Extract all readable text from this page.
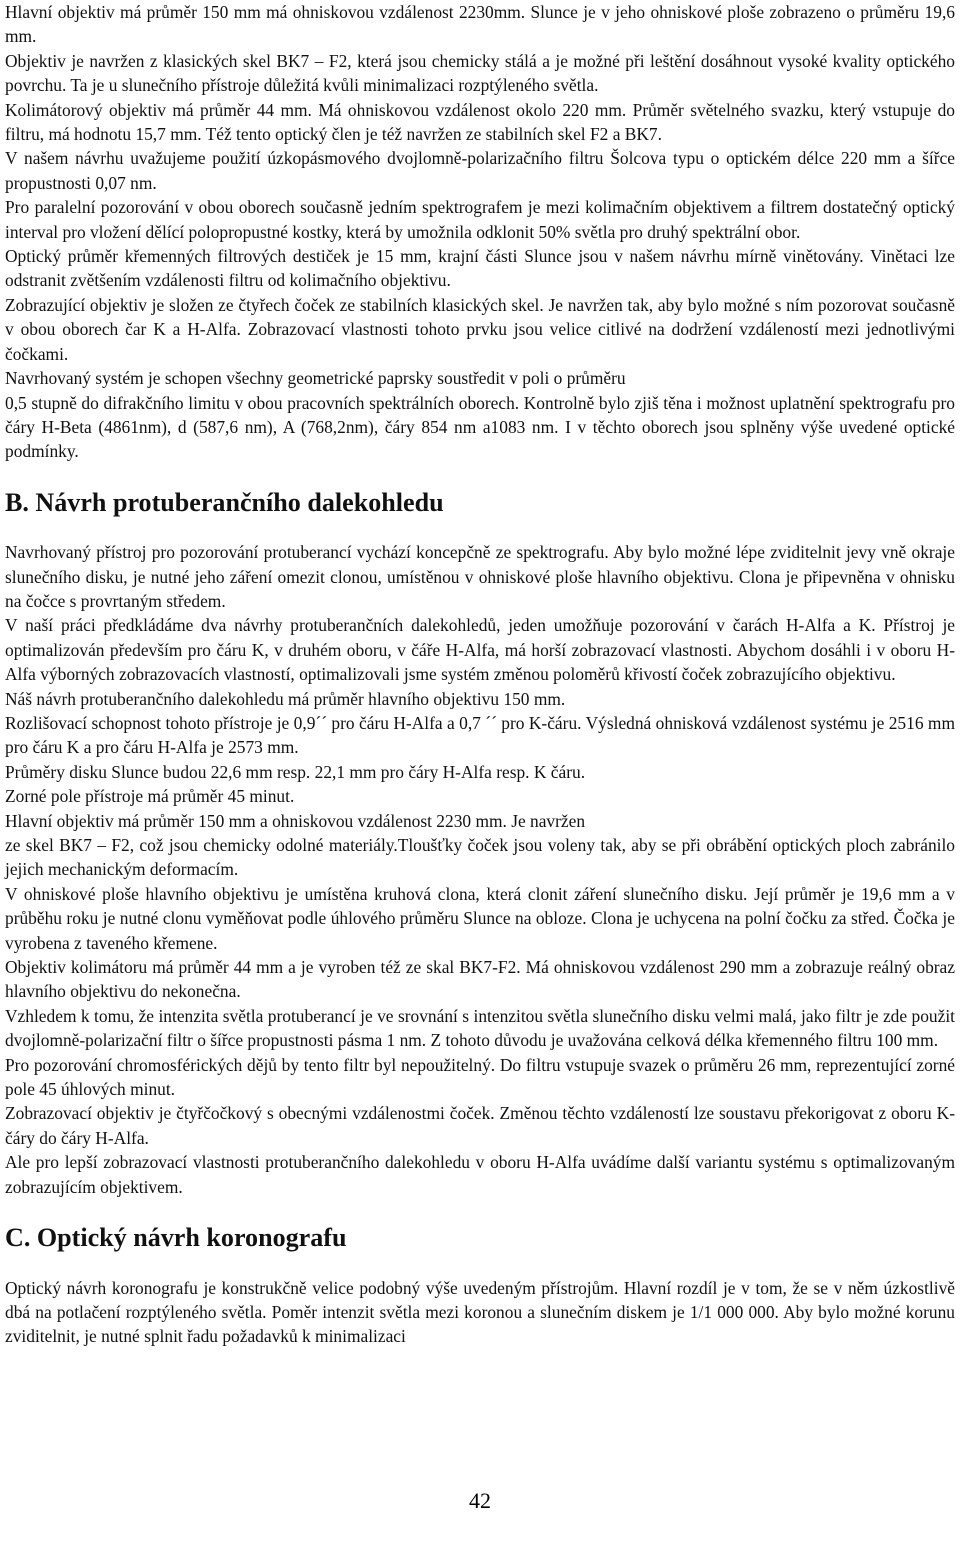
Hlavní objektiv má průměr 150 mm má ohniskovou vzdálenost 2230mm. Slunce je v jeho ohniskové ploše zobrazeno o průměru 19,6 mm.

Objektiv je navržen z klasických skel BK7 – F2, která jsou chemicky stálá a je možné při leštění dosáhnout vysoké kvality optického povrchu. Ta je u slunečního přístroje důležitá kvůli minimalizaci rozptýleného světla.

Kolimátorový objektiv má průměr 44 mm. Má ohniskovou vzdálenost okolo 220 mm. Průměr světelného svazku, který vstupuje do filtru, má hodnotu 15,7 mm. Též tento optický člen je též navržen ze stabilních skel F2 a BK7.

V našem návrhu uvažujeme použití úzkopásmového dvojlomně-polarizačního filtru Šolcova typu o optickém délce 220 mm a šířce propustnosti 0,07 nm.

Pro paralelní pozorování v obou oborech současně jedním spektrografem je mezi kolimačním objektivem a filtrem dostatečný optický interval pro vložení dělící polopropustné kostky, která by umožnila odklonit 50% světla pro druhý spektrální obor.

Optický průměr křemenných filtrových destiček je 15 mm, krajní části Slunce jsou v našem návrhu mírně vinětovány. Vinětaci lze odstranit zvětšením vzdálenosti filtru od kolimačního objektivu.

Zobrazující objektiv je složen ze čtyřech čoček ze stabilních klasických skel. Je navržen tak, aby bylo možné s ním pozorovat současně v obou oborech čar K a H-Alfa. Zobrazovací vlastnosti tohoto prvku jsou velice citlivé na dodržení vzdáleností mezi jednotlivými čočkami.

Navrhovaný systém je schopen všechny geometrické paprsky soustředit v poli o průměru

0,5 stupně do difrakčního limitu v obou pracovních spektrálních oborech. Kontrolně bylo zjiš těna i možnost uplatnění spektrografu pro čáry H-Beta (4861nm), d (587,6 nm), A (768,2nm), čáry 854 nm a1083 nm. I v těchto oborech jsou splněny výše uvedené optické podmínky.

B. Návrh protuberančního dalekohledu

Navrhovaný přístroj pro pozorování protuberancí vychází koncepčně ze spektrografu. Aby bylo možné lépe zviditelnit jevy vně okraje slunečního disku, je nutné jeho záření omezit clonou, umístěnou v ohniskové ploše hlavního objektivu. Clona je připevněna v ohnisku na čočce s provrtaným středem.

V naší práci předkládáme dva návrhy protuberančních dalekohledů, jeden umožňuje pozorování v čarách H-Alfa a K. Přístroj je optimalizován především pro čáru K, v druhém oboru, v čáře H-Alfa, má horší zobrazovací vlastnosti. Abychom dosáhli i v oboru H-Alfa výborných zobrazovacích vlastností, optimalizovali jsme systém změnou poloměrů křivostí čoček zobrazujícího objektivu.

Náš návrh protuberančního dalekohledu má průměr hlavního objektivu 150 mm.

Rozlišovací schopnost tohoto přístroje je 0,9´´ pro čáru H-Alfa a 0,7 ´´ pro K-čáru. Výsledná ohnisková vzdálenost systému je 2516 mm pro čáru K a pro čáru H-Alfa je 2573 mm.

Průměry disku Slunce budou 22,6 mm resp. 22,1 mm pro čáry H-Alfa resp. K čáru.

Zorné pole přístroje má průměr 45 minut.

Hlavní objektiv má průměr 150 mm a ohniskovou vzdálenost 2230 mm. Je navržen

ze skel BK7 – F2, což jsou chemicky odolné materiály.Tloušťky čoček jsou voleny tak, aby se při obrábění optických ploch zabránilo jejich mechanickým deformacím.

V ohniskové ploše hlavního objektivu je umístěna kruhová clona, která clonit záření slunečního disku. Její průměr je 19,6 mm a v průběhu roku je nutné clonu vyměňovat podle úhlového průměru Slunce na obloze. Clona je uchycena na polní čočku za střed. Čočka je vyrobena z taveného křemene.

Objektiv kolimátoru má průměr 44 mm a je vyroben též ze skal BK7-F2. Má ohniskovou vzdálenost 290 mm a zobrazuje reálný obraz hlavního objektivu do nekonečna.

Vzhledem k tomu, že intenzita světla protuberancí je ve srovnání s intenzitou světla slunečního disku velmi malá, jako filtr je zde použit dvojlomně-polarizační filtr o šířce propustnosti pásma 1 nm. Z tohoto důvodu je uvažována celková délka křemenného filtru 100 mm.

Pro pozorování chromosférických dějů by tento filtr byl nepoužitelný. Do filtru vstupuje svazek o průměru 26 mm, reprezentující zorné pole 45 úhlových minut.

Zobrazovací objektiv je čtyřčočkový s obecnými vzdálenostmi čoček. Změnou těchto vzdáleností lze soustavu překorigovat z oboru K-čáry do čáry H-Alfa.

Ale pro lepší zobrazovací vlastnosti protuberančního dalekohledu v oboru H-Alfa uvádíme další variantu systému s optimalizovaným zobrazujícím objektivem.

C. Optický návrh koronografu

Optický návrh koronografu je konstrukčně velice podobný výše uvedeným přístrojům. Hlavní rozdíl je v tom, že se v něm úzkostlivě dbá na potlačení rozptýleného světla. Poměr intenzit světla mezi koronou a slunečním diskem je 1/1 000 000. Aby bylo možné korunu zviditelnit, je nutné splnit řadu požadavků k minimalizaci

42
